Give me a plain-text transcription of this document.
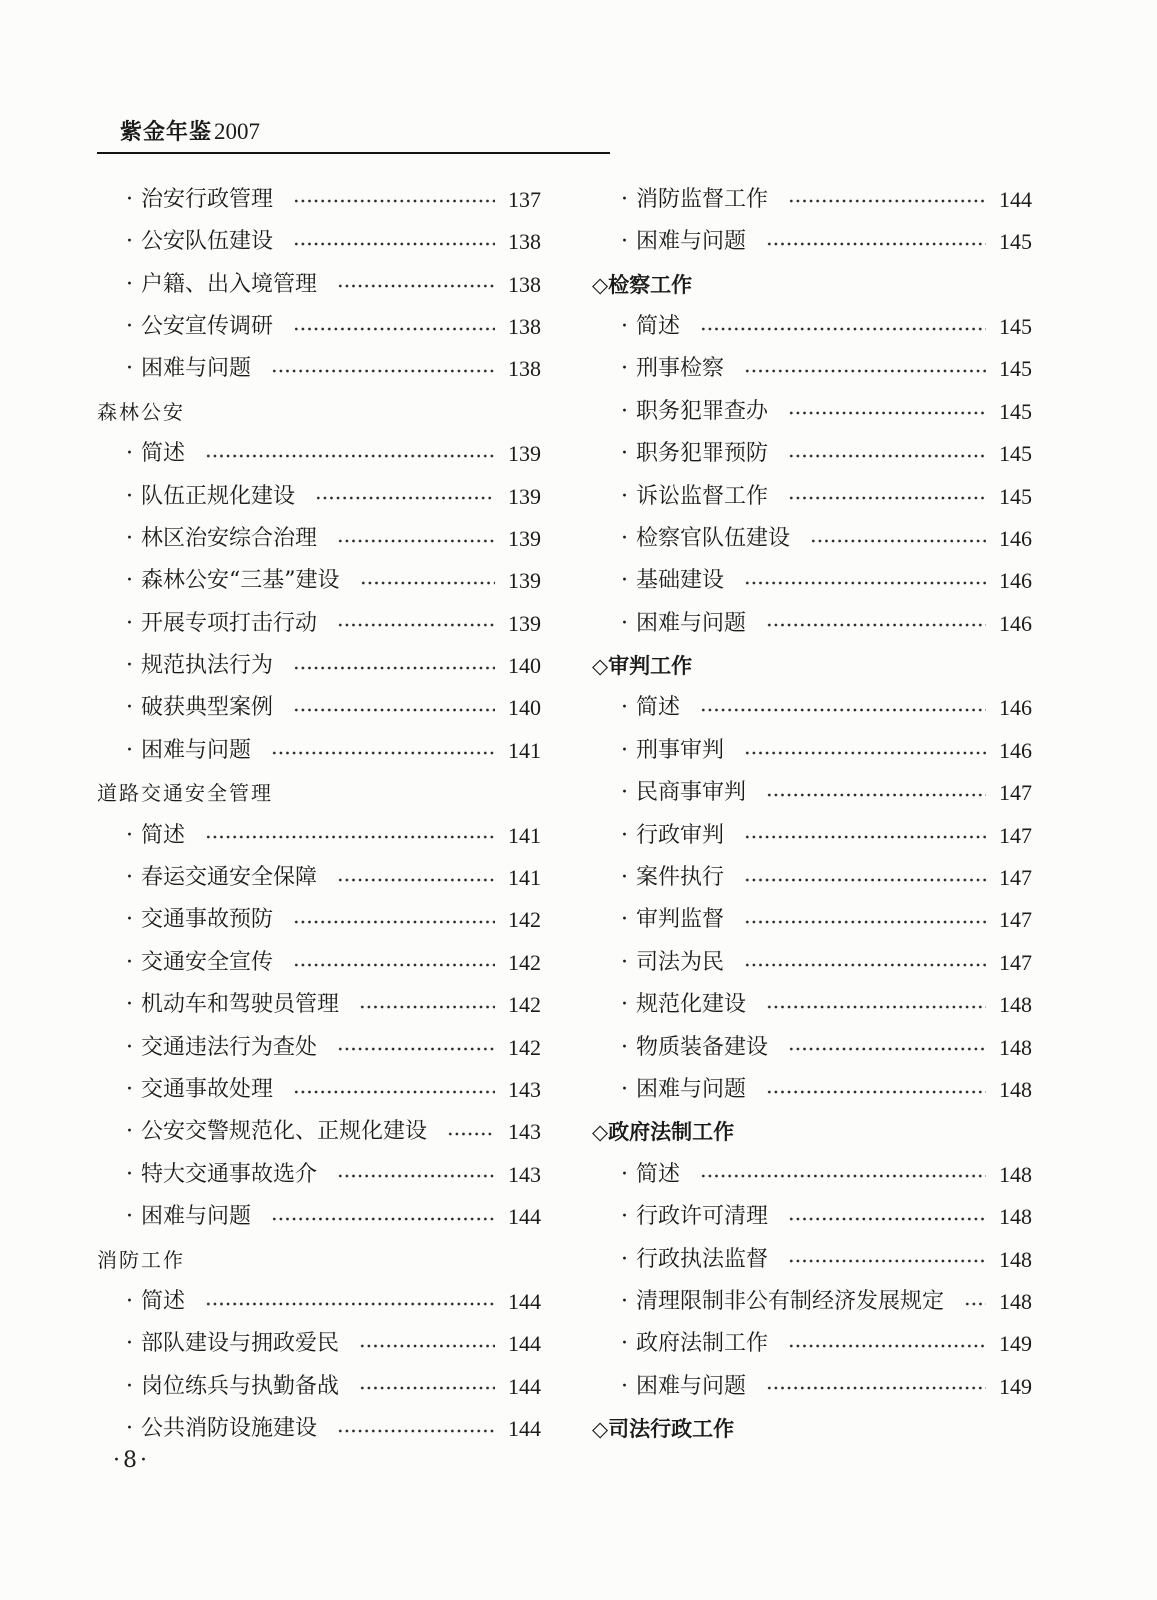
紫金年鉴2007
· 治安行政管理	137
· 公安队伍建设	138
· 户籍、出入境管理	138
· 公安宣传调研	138
· 困难与问题	138
森林公安
· 简述	139
· 队伍正规化建设	139
· 林区治安综合治理	139
· 森林公安“三基”建设	139
· 开展专项打击行动	139
· 规范执法行为	140
· 破获典型案例	140
· 困难与问题	141
道路交通安全管理
· 简述	141
· 春运交通安全保障	141
· 交通事故预防	142
· 交通安全宣传	142
· 机动车和驾驶员管理	142
· 交通违法行为查处	142
· 交通事故处理	143
· 公安交警规范化、正规化建设	143
· 特大交通事故选介	143
· 困难与问题	144
消防工作
· 简述	144
· 部队建设与拥政爱民	144
· 岗位练兵与执勤备战	144
· 公共消防设施建设	144
· 消防监督工作	144
· 困难与问题	145
◇检察工作
· 简述	145
· 刑事检察	145
· 职务犯罪查办	145
· 职务犯罪预防	145
· 诉讼监督工作	145
· 检察官队伍建设	146
· 基础建设	146
· 困难与问题	146
◇审判工作
· 简述	146
· 刑事审判	146
· 民商事审判	147
· 行政审判	147
· 案件执行	147
· 审判监督	147
· 司法为民	147
· 规范化建设	148
· 物质装备建设	148
· 困难与问题	148
◇政府法制工作
· 简述	148
· 行政许可清理	148
· 行政执法监督	148
· 清理限制非公有制经济发展规定 148
· 政府法制工作	149
· 困难与问题	149
◇司法行政工作
·8·
